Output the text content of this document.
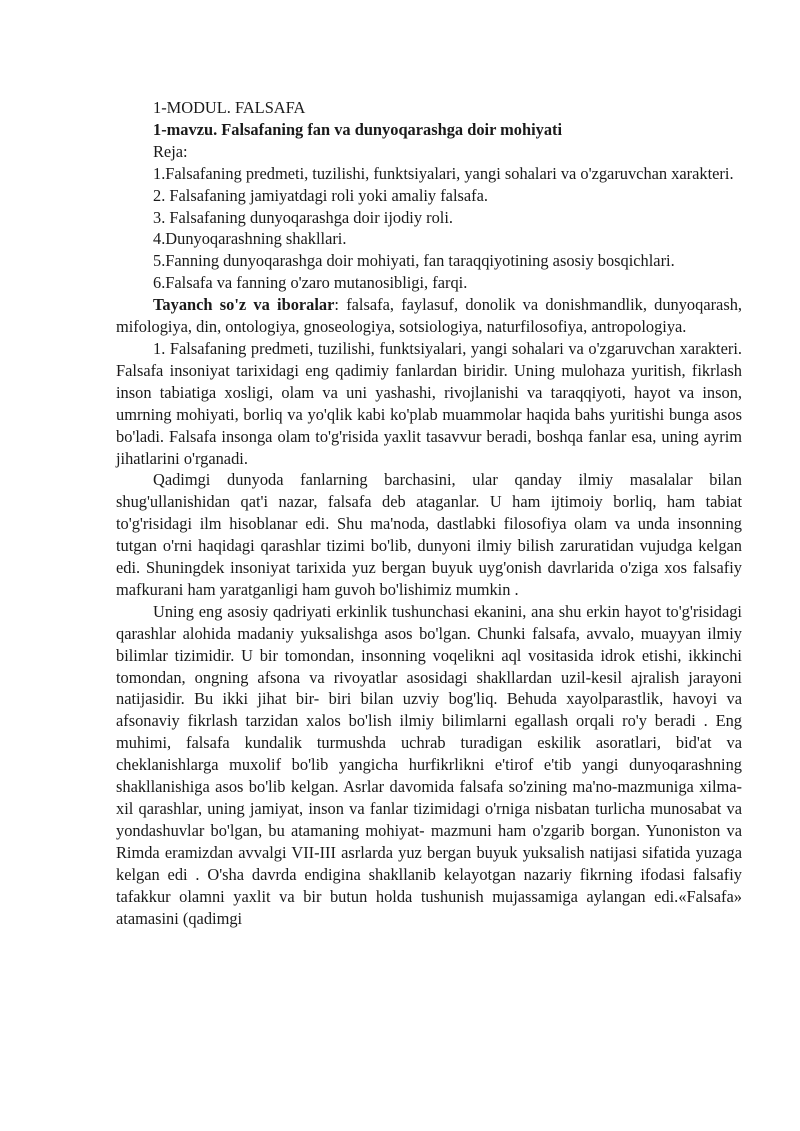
1-MODUL. FALSAFA

1-mavzu. Falsafaning fan va dunyoqarashga doir mohiyati

Reja:

1.Falsafaning predmeti, tuzilishi, funktsiyalari, yangi sohalari va o'zgaruvchan xarakteri.

2. Falsafaning jamiyatdagi roli yoki amaliy falsafa.

3. Falsafaning dunyoqarashga doir ijodiy roli.

4.Dunyoqarashning shakllari.

5.Fanning dunyoqarashga doir mohiyati, fan taraqqiyotining asosiy bosqichlari.

6.Falsafa va fanning o'zaro mutanosibligi, farqi.

Tayanch so'z va iboralar: falsafa, faylasuf, donolik va donishmandlik, dunyoqarash, mifologiya, din, ontologiya, gnoseologiya, sotsiologiya, naturfilosofiya, antropologiya.

1. Falsafaning predmeti, tuzilishi, funktsiyalari, yangi sohalari va o'zgaruvchan xarakteri. Falsafa insoniyat tarixidagi eng qadimiy fanlardan biridir. Uning mulohaza yuritish, fikrlash inson tabiatiga xosligi, olam va uni yashashi, rivojlanishi va taraqqiyoti, hayot va inson, umrning mohiyati, borliq va yo'qlik kabi ko'plab muammolar haqida bahs yuritishi bunga asos bo'ladi. Falsafa insonga olam to'g'risida yaxlit tasavvur beradi, boshqa fanlar esa, uning ayrim jihatlarini o'rganadi.

Qadimgi dunyoda fanlarning barchasini, ular qanday ilmiy masalalar bilan shug'ullanishidan qat'i nazar, falsafa deb ataganlar. U ham ijtimoiy borliq, ham tabiat to'g'risidagi ilm hisoblanar edi. Shu ma'noda, dastlabki filosofiya olam va unda insonning tutgan o'rni haqidagi qarashlar tizimi bo'lib, dunyoni ilmiy bilish zaruratidan vujudga kelgan edi. Shuningdek insoniyat tarixida yuz bergan buyuk uyg'onish davrlarida o'ziga xos falsafiy mafkurani ham yaratganligi ham guvoh bo'lishimiz mumkin .

Uning eng asosiy qadriyati erkinlik tushunchasi ekanini, ana shu erkin hayot to'g'risidagi qarashlar alohida madaniy yuksalishga asos bo'lgan. Chunki falsafa, avvalo, muayyan ilmiy bilimlar tizimidir. U bir tomondan, insonning voqelikni aql vositasida idrok etishi, ikkinchi tomondan, ongning afsona va rivoyatlar asosidagi shakllardan uzil-kesil ajralish jarayoni natijasidir. Bu ikki jihat bir- biri bilan uzviy bog'liq. Behuda xayolparastlik, havoyi va afsonaviy fikrlash tarzidan xalos bo'lish ilmiy bilimlarni egallash orqali ro'y beradi . Eng muhimi, falsafa kundalik turmushda uchrab turadigan eskilik asoratlari, bid'at va cheklanishlarga muxolif bo'lib yangicha hurfikrlikni e'tirof e'tib yangi dunyoqarashning shakllanishiga asos bo'lib kelgan. Asrlar davomida falsafa so'zining ma'no-mazmuniga xilma-xil qarashlar, uning jamiyat, inson va fanlar tizimidagi o'rniga nisbatan turlicha munosabat va yondashuvlar bo'lgan, bu atamaning mohiyat- mazmuni ham o'zgarib borgan. Yunoniston va Rimda eramizdan avvalgi VII-III asrlarda yuz bergan buyuk yuksalish natijasi sifatida yuzaga kelgan edi . O'sha davrda endigina shakllanib kelayotgan nazariy fikrning ifodasi falsafiy tafakkur olamni yaxlit va bir butun holda tushunish mujassamiga aylangan edi.«Falsafa» atamasini (qadimgi
